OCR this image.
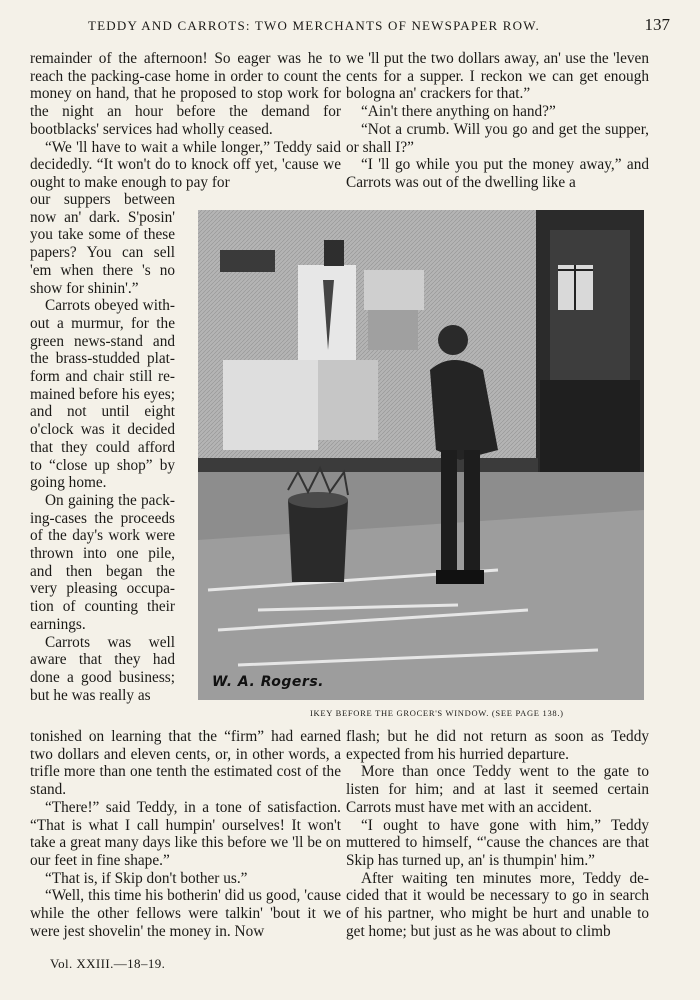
TEDDY AND CARROTS: TWO MERCHANTS OF NEWSPAPER ROW.	137

remainder of the afternoon! So eager was he to reach the packing-case home in order to count the money on hand, that he proposed to stop work for the night an hour before the demand for bootblacks' services had wholly ceased.

“We 'll have to wait a while longer,” Teddy said decidedly. “It won't do to knock off yet, 'cause we ought to make enough to pay for

we 'll put the two dollars away, an' use the 'leven cents for a supper. I reckon we can get enough bologna an' crackers for that.”

“Ain't there anything on hand?”

“Not a crumb. Will you go and get the supper, or shall I?”

“I 'll go while you put the money away,” and Carrots was out of the dwelling like a

our suppers between now an' dark. S'posin' you take some of these papers? You can sell 'em when there 's no show for shinin'.”

Carrots obeyed without a murmur, for the green news-stand and the brass-studded platform and chair still remained before his eyes; and not until eight o'clock was it decided that they could afford to “close up shop” by going home.

On gaining the packing-cases the proceeds of the day's work were thrown into one pile, and then began the very pleasing occupation of counting their earnings.

Carrots was well aware that they had done a good business; but he was really as

W. A. Rogers.
IKEY BEFORE THE GROCER'S WINDOW. (SEE PAGE 138.)

tonished on learning that the “firm” had earned two dollars and eleven cents, or, in other words, a trifle more than one tenth the estimated cost of the stand.

“There!” said Teddy, in a tone of satisfaction. “That is what I call humpin' ourselves! It won't take a great many days like this before we 'll be on our feet in fine shape.”

“That is, if Skip don't bother us.”

“Well, this time his botherin' did us good, 'cause while the other fellows were talkin' 'bout it we were jest shovelin' the money in. Now

flash; but he did not return as soon as Teddy expected from his hurried departure.

More than once Teddy went to the gate to listen for him; and at last it seemed certain Carrots must have met with an accident.

“I ought to have gone with him,” Teddy muttered to himself, “'cause the chances are that Skip has turned up, an' is thumpin' him.”

After waiting ten minutes more, Teddy decided that it would be necessary to go in search of his partner, who might be hurt and unable to get home; but just as he was about to climb

Vol. XXIII.—18–19.
